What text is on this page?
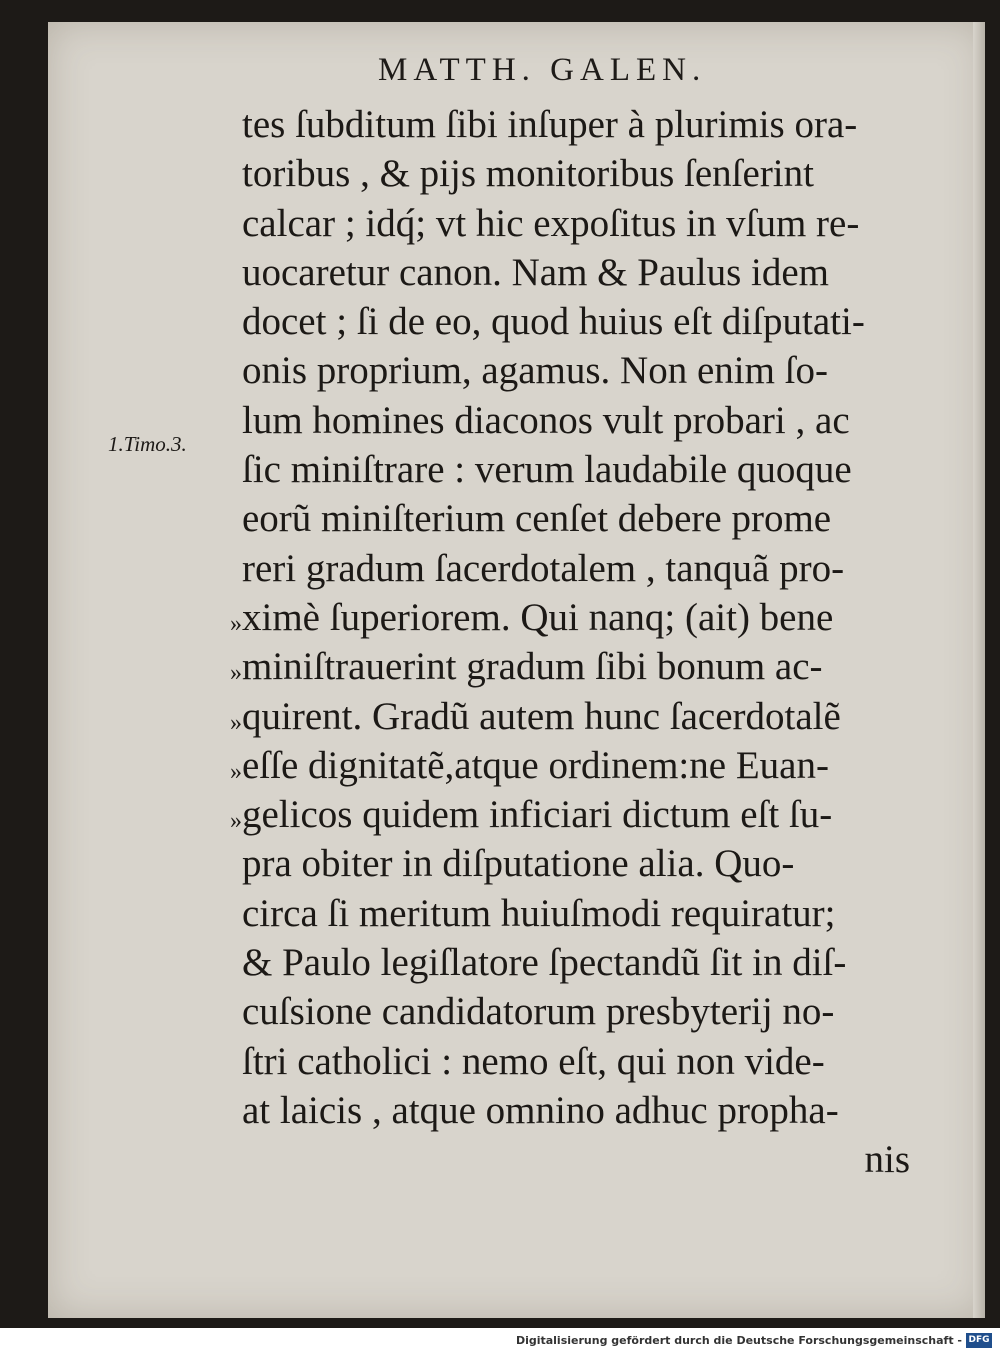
MATTH. GALEN.
1.Timo.3.
»
»
»
»
»
tes ſubditum ſibi inſuper à plurimis ora-
toribus , & pijs monitoribus ſenſerint
calcar ; idq́; vt hic expoſitus in vſum re-
uocaretur canon. Nam & Paulus idem
docet ; ſi de eo, quod huius eſt diſputati-
onis proprium, agamus. Non enim ſo-
lum homines diaconos vult probari , ac
ſic miniſtrare : verum laudabile quoque
eorũ miniſterium cenſet debere prome
reri gradum ſacerdotalem , tanquã pro-
ximè ſuperiorem. Qui nanq; (ait) bene
miniſtrauerint gradum ſibi bonum ac-
quirent. Gradũ autem hunc ſacerdotalẽ
eſſe dignitatẽ,atque ordinem:ne Euan-
gelicos quidem inficiari dictum eſt ſu-
pra obiter in diſputatione alia. Quo-
circa ſi meritum huiuſmodi requiratur;
& Paulo legiſlatore ſpectandũ ſit in diſ-
cuſsione candidatorum presbyterij no-
ſtri catholici : nemo eſt, qui non vide-
at laicis , atque omnino adhuc propha-
nis
Digitalisierung gefördert durch die Deutsche Forschungsgemeinschaft - DFG
